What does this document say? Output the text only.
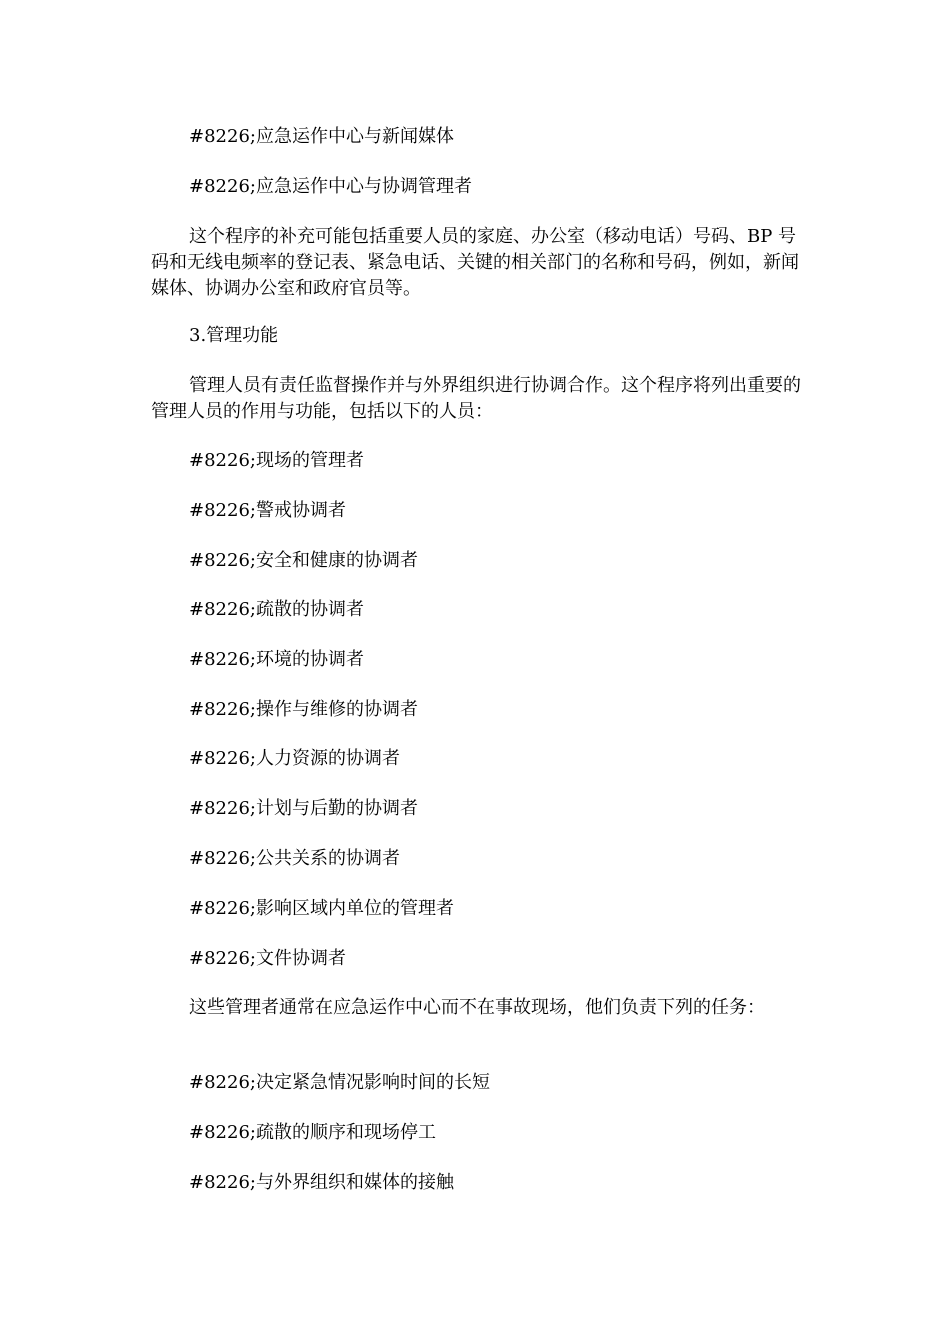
#8226;应急运作中心与新闻媒体
#8226;应急运作中心与协调管理者
这个程序的补充可能包括重要人员的家庭、办公室（移动电话）号码、BP 号码和无线电频率的登记表、紧急电话、关键的相关部门的名称和号码，例如，新闻媒体、协调办公室和政府官员等。
3.管理功能
管理人员有责任监督操作并与外界组织进行协调合作。这个程序将列出重要的管理人员的作用与功能，包括以下的人员：
#8226;现场的管理者
#8226;警戒协调者
#8226;安全和健康的协调者
#8226;疏散的协调者
#8226;环境的协调者
#8226;操作与维修的协调者
#8226;人力资源的协调者
#8226;计划与后勤的协调者
#8226;公共关系的协调者
#8226;影响区域内单位的管理者
#8226;文件协调者
这些管理者通常在应急运作中心而不在事故现场，他们负责下列的任务：
#8226;决定紧急情况影响时间的长短
#8226;疏散的顺序和现场停工
#8226;与外界组织和媒体的接触
